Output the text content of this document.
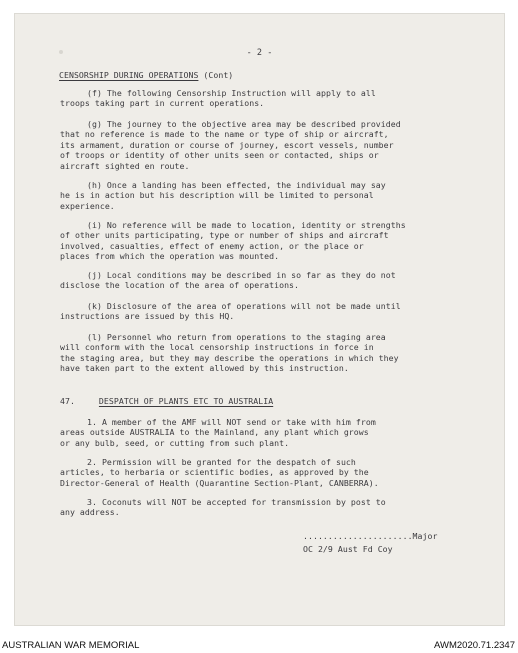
- 2 -
CENSORSHIP DURING OPERATIONS (Cont)
(f) The following Censorship Instruction will apply to all
troops taking part in current operations.
(g) The journey to the objective area may be described provided
that no reference is made to the name or type of ship or aircraft,
its armament, duration or course of journey, escort vessels, number
of troops or identity of other units seen or contacted, ships or
aircraft sighted en route.
(h) Once a landing has been effected, the individual may say
he is in action but his description will be limited to personal
experience.
(i) No reference will be made to location, identity or strengths
of other units participating, type or number of ships and aircraft
involved, casualties, effect of enemy action, or the place or
places from which the operation was mounted.
(j) Local conditions may be described in so far as they do not
disclose the location of the area of operations.
(k) Disclosure of the area of operations will not be made until
instructions are issued by this HQ.
(l) Personnel who return from operations to the staging area
will conform with the local censorship instructions in force in
the staging area, but they may describe the operations in which they
have taken part to the extent allowed by this instruction.
47.	DESPATCH OF PLANTS ETC TO AUSTRALIA
1. A member of the AMF will NOT send or take with him from
areas outside AUSTRALIA to the Mainland, any plant which grows
or any bulb, seed, or cutting from such plant.
2. Permission will be granted for the despatch of such
articles, to herbaria or scientific bodies, as approved by the
Director-General of Health (Quarantine Section-Plant, CANBERRA).
3. Coconuts will NOT be accepted for transmission by post to
any address.
......................Major
OC 2/9 Aust Fd Coy
AUSTRALIAN WAR MEMORIAL	AWM2020.71.2347
